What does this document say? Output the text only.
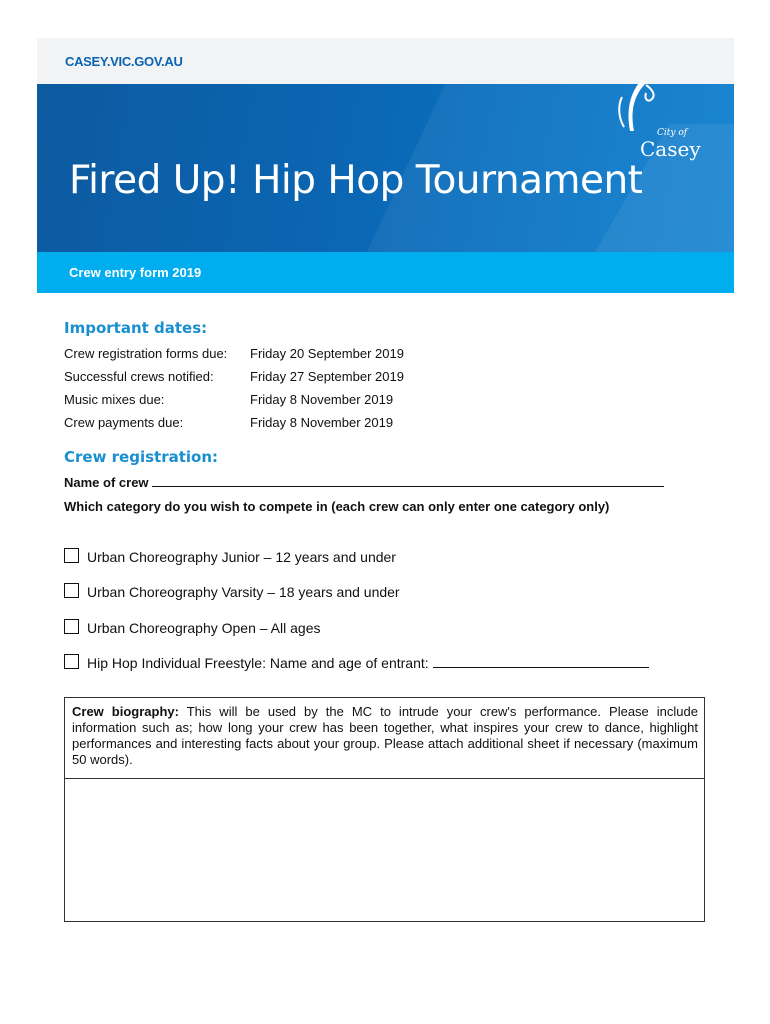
CASEY.VIC.GOV.AU
Fired Up! Hip Hop Tournament
City of
Casey
Crew entry form 2019
Important dates:
Crew registration forms due: Friday 20 September 2019
Successful crews notified:	Friday 27 September 2019
Music mixes due:	Friday 8 November 2019
Crew payments due:	Friday 8 November 2019
Crew registration:
Name of crew
Which category do you wish to compete in (each crew can only enter one category only)
Urban Choreography Junior – 12 years and under
Urban Choreography Varsity – 18 years and under
Urban Choreography Open – All ages
Hip Hop Individual Freestyle: Name and age of entrant:
Crew biography: This will be used by the MC to intrude your crew's performance. Please include information such as; how long your crew has been together, what inspires your crew to dance, highlight performances and interesting facts about your group. Please attach additional sheet if necessary (maximum 50 words).
